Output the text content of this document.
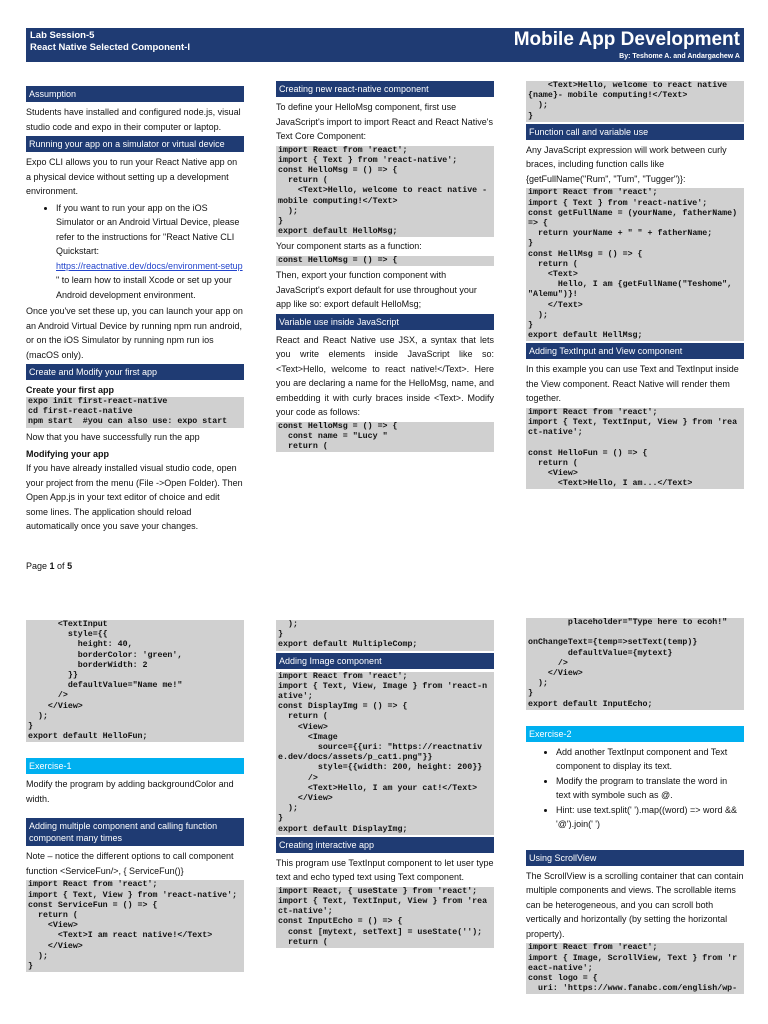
Lab Session-5
React Native Selected Component-I	Mobile App Development
By: Teshome A. and Andargachew A
Assumption

Students have installed and configured node.js, visual studio code and expo in their computer or laptop.

Running your app on a simulator or virtual device

Expo CLI allows you to run your React Native app on a physical device without setting up a development environment.

• If you want to run your app on the iOS Simulator or an Android Virtual Device, please refer to the instructions for "React Native CLI Quickstart: https://reactnative.dev/docs/environment-setup " to learn how to install Xcode or set up your Android development environment.

Once you've set these up, you can launch your app on an Android Virtual Device by running npm run android, or on the iOS Simulator by running npm run ios (macOS only).

Create and Modify your first app
Create your first app
expo init first-react-native
cd first-react-native
npm start  #you can also use: expo start

Now that you have successfully run the app

Modifying your app

If you have already installed visual studio code, open your project from the menu (File ->Open Folder). Then Open App.js in your text editor of choice and edit some lines. The application should reload automatically once you save your changes.

Creating new react-native component

To define your HelloMsg component, first use JavaScript's import to import React and React Native's Text Core Component:

import React from 'react';
import { Text } from 'react-native';
const HelloMsg = () => {
return (
<Text>Hello, welcome to react native - mobile computing!</Text>
);
}
export default HelloMsg;

Your component starts as a function:

const HelloMsg = () => {

Then, export your function component with JavaScript's export default for use throughout your app like so: export default HelloMsg;

Variable use inside JavaScript

React and React Native use JSX, a syntax that lets you write elements inside JavaScript like so: <Text>Hello, welcome to react native!</Text>. Here you are declaring a name for the HelloMsg, name, and embedding it with curly braces inside <Text>. Modify your code as follows:

const HelloMsg = () => {
const name = "Lucy "
return (
<Text>Hello, welcome to react native {name}- mobile computing!</Text>
);
}
Function call and variable use

Any JavaScript expression will work between curly braces, including function calls like {getFullName("Rum", "Tum", "Tugger")}:

import React from 'react';
import { Text } from 'react-native';
const getFullName = (yourName, fatherName) => {
return yourName + " " + fatherName;
}
const HellMsg = () => {
return (
<Text>
Hello, I am {getFullName("Teshome", "Alemu")}!
</Text>
);
}
export default HellMsg;
Adding TextInput and View component

In this example you can use Text and TextInput inside the View component. React Native will render them together.

import React from 'react';
import { Text, TextInput, View } from 'react-native';

const HelloFun = () => {
return (
<View>
<Text>Hello, I am...</Text>
Page 1 of 5
<TextInput
style={{
height: 40,
borderColor: 'green',
borderWidth: 2
}}
defaultValue="Name me!"
/>
</View>
);
}
export default HelloFun;
Exercise-1

Modify the program by adding backgroundColor and width.

Adding multiple component and calling function component many times

Note – notice the different options to call component function <ServiceFun/>, { ServiceFun()}

import React from 'react';
import { Text, View } from 'react-native';
const ServiceFun = () => {
return (
<View>
<Text>I am react native!</Text>
</View>
);
}
);
}
export default MultipleComp;
Adding Image component
import React from 'react';
import { Text, View, Image } from 'react-native';
const DisplayImg = () => {
return (
<View>
<Image
source={{uri: "https://reactnative.dev/docs/assets/p_cat1.png"}}
style={{width: 200, height: 200}}
/>
<Text>Hello, I am your cat!</Text>
</View>
);
}
export default DisplayImg;
Creating interactive app

This program use TextInput component to let user type text and echo typed text using Text component.

import React, { useState } from 'react';
import { Text, TextInput, View } from 'react-native';
const InputEcho = () => {
const [mytext, setText] = useState('');
return (
placeholder="Type here to ecoh!"

onChangeText={temp=>setText(temp)}
defaultValue={mytext}
/>
</View>
);
}
export default InputEcho;
Exercise-2
• Add another TextInput component and Text component to display its text.
• Modify the program to translate the word in text with symbole such as @.
• Hint: use text.split(' ').map((word) => word && '@').join(' ')
Using ScrollView

The ScrollView is a scrolling container that can contain multiple components and views. The scrollable items can be heterogeneous, and you can scroll both vertically and horizontally (by setting the horizontal property).

import React from 'react';
import { Image, ScrollView, Text } from 'react-native';
const logo = {
uri: 'https://www.fanabc.com/english/wp-
